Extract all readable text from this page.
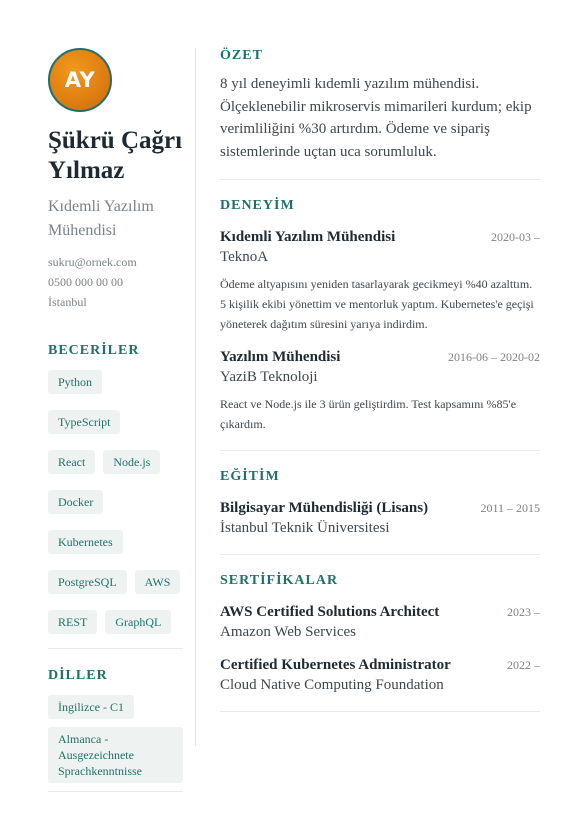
AY
Şükrü Çağrı Yılmaz
Kıdemli Yazılım Mühendisi
sukru@ornek.com
0500 000 00 00
İstanbul
BECERİLER
Python
TypeScript
React	Node.js
Docker
Kubernetes
PostgreSQL	AWS
REST	GraphQL
DİLLER
İngilizce - C1
Almanca - Ausgezeichnete Sprachkenntnisse
ÖZET
8 yıl deneyimli kıdemli yazılım mühendisi. Ölçeklenebilir mikroservis mimarileri kurdum; ekip verimliliğini %30 artırdım. Ödeme ve sipariş sistemlerinde uçtan uca sorumluluk.
DENEYİM
Kıdemli Yazılım Mühendisi	2020-03 –
TeknoA
Ödeme altyapısını yeniden tasarlayarak gecikmeyi %40 azalttım. 5 kişilik ekibi yönettim ve mentorluk yaptım. Kubernetes'e geçişi yöneterek dağıtım süresini yarıya indirdim.
Yazılım Mühendisi	2016-06 – 2020-02
YaziB Teknoloji
React ve Node.js ile 3 ürün geliştirdim. Test kapsamını %85'e çıkardım.
EĞİTİM
Bilgisayar Mühendisliği (Lisans)	2011 – 2015
İstanbul Teknik Üniversitesi
SERTİFİKALAR
AWS Certified Solutions Architect	2023 –
Amazon Web Services
Certified Kubernetes Administrator	2022 –
Cloud Native Computing Foundation
